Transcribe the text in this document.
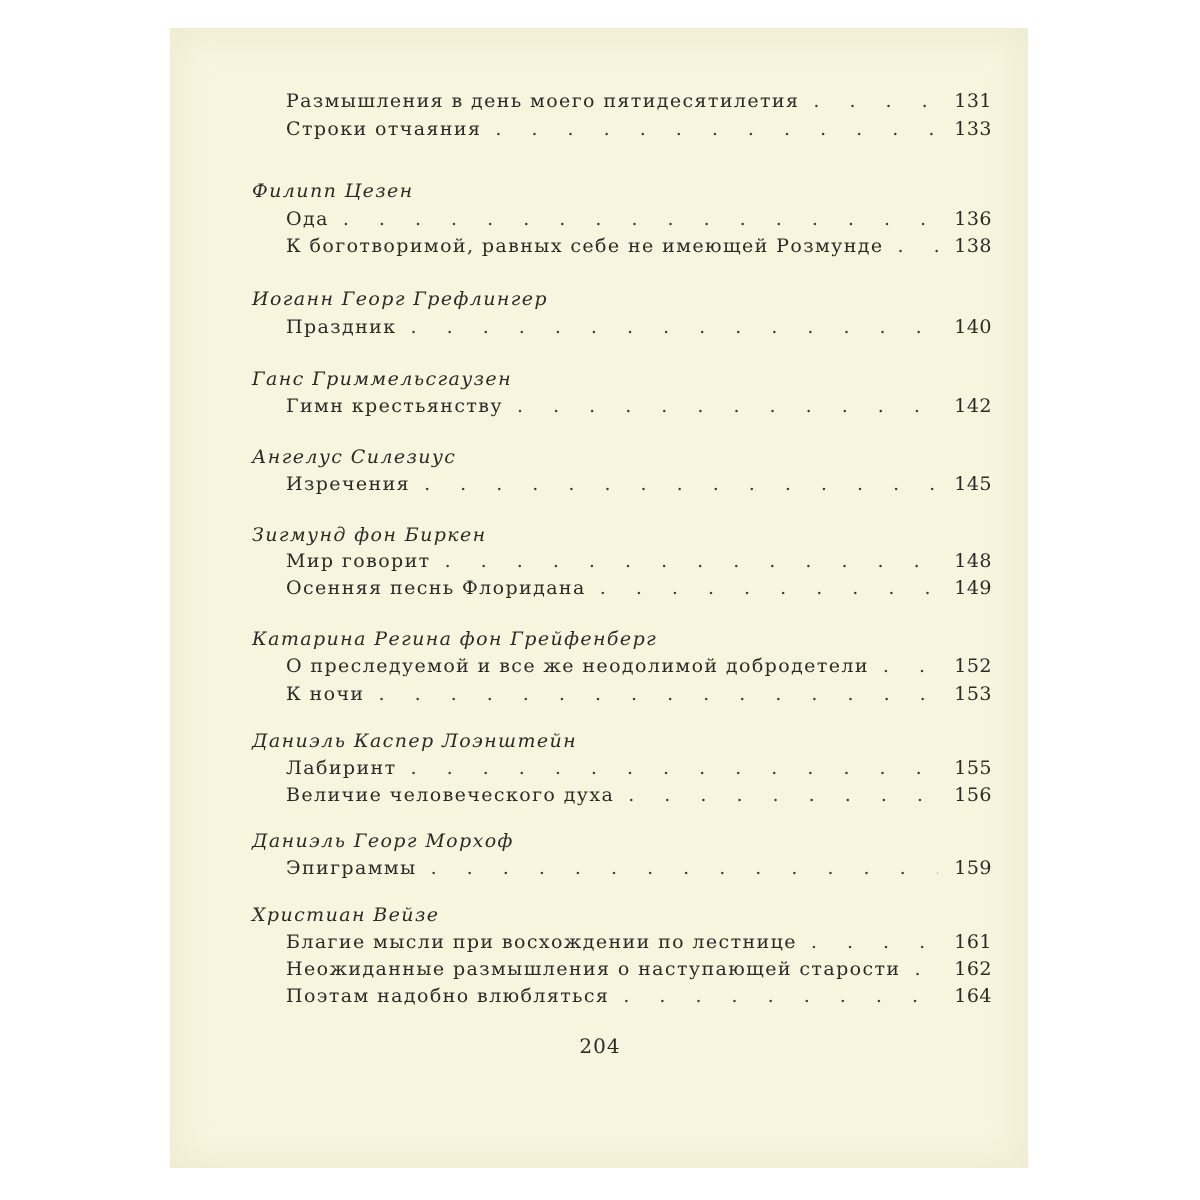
Размышления в день моего пятидесятилетия . . .	131
Строки отчаяния . . .	133
Филипп Цезен
Ода . . .	136
К боготворимой, равных себе не имеющей Розмунде . . .	138
Иоганн Георг Грефлингер
Праздник . . .	140
Ганс Гриммельсгаузен
Гимн крестьянству . . .	142
Ангелус Силезиус
Изречения . . .	145
Зигмунд фон Биркен
Мир говорит . . .	148
Осенняя песнь Флоридана . . .	149
Катарина Регина фон Грейфенберг
О преследуемой и все же неодолимой добродетели . . .	152
К ночи . . .	153
Даниэль Каспер Лоэнштейн
Лабиринт . . .	155
Величие человеческого духа . . .	156
Даниэль Георг Морхоф
Эпиграммы . . .	159
Христиан Вейзе
Благие мысли при восхождении по лестнице . . .	161
Неожиданные размышления о наступающей старости . . .	162
Поэтам надобно влюбляться . . .	164
204
